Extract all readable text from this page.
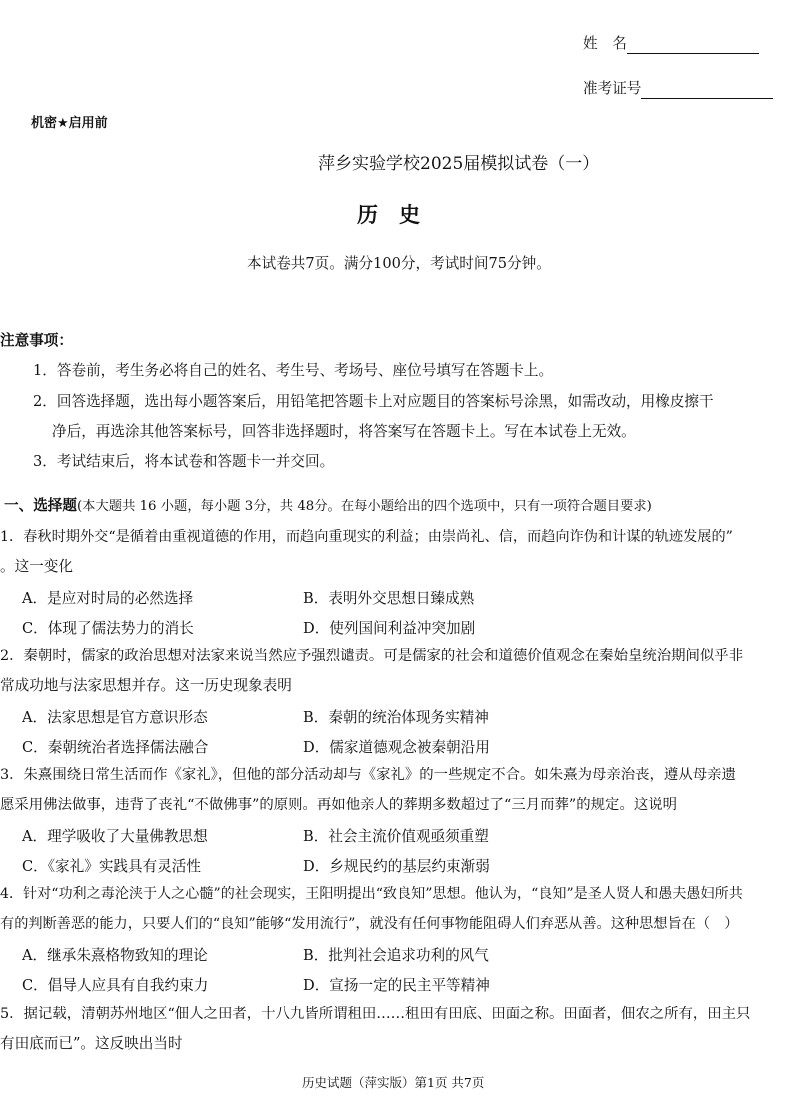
姓　名
准考证号
机密★启用前
萍乡实验学校2025届模拟试卷（一）
历　史
本试卷共7页。满分100分，考试时间75分钟。
注意事项：
1．答卷前，考生务必将自己的姓名、考生号、考场号、座位号填写在答题卡上。
2．回答选择题，选出每小题答案后，用铅笔把答题卡上对应题目的答案标号涂黑，如需改动，用橡皮擦干
净后，再选涂其他答案标号，回答非选择题时，将答案写在答题卡上。写在本试卷上无效。
3．考试结束后，将本试卷和答题卡一并交回。
一、选择题(本大题共 16 小题，每小题 3分，共 48分。在每小题给出的四个选项中，只有一项符合题目要求)
1．春秋时期外交“是循着由重视道德的作用，而趋向重现实的利益；由崇尚礼、信，而趋向诈伪和计谋的轨迹发展的”
。这一变化
A．是应对时局的必然选择	B．表明外交思想日臻成熟
C．体现了儒法势力的消长	D．使列国间利益冲突加剧
2．秦朝时，儒家的政治思想对法家来说当然应予强烈谴责。可是儒家的社会和道德价值观念在秦始皇统治期间似乎非
常成功地与法家思想并存。这一历史现象表明
A．法家思想是官方意识形态	B．秦朝的统治体现务实精神
C．秦朝统治者选择儒法融合	D．儒家道德观念被秦朝沿用
3．朱熹围绕日常生活而作《家礼》，但他的部分活动却与《家礼》的一些规定不合。如朱熹为母亲治丧，遵从母亲遗
愿采用佛法做事，违背了丧礼“不做佛事”的原则。再如他亲人的葬期多数超过了“三月而葬”的规定。这说明
A．理学吸收了大量佛教思想	B．社会主流价值观亟须重塑
C．《家礼》实践具有灵活性	D．乡规民约的基层约束渐弱
4．针对“功利之毒沦浃于人之心髓”的社会现实，王阳明提出“致良知”思想。他认为，“良知”是圣人贤人和愚夫愚妇所共
有的判断善恶的能力，只要人们的“良知”能够“发用流行”，就没有任何事物能阻碍人们弃恶从善。这种思想旨在（　）
A．继承朱熹格物致知的理论	B．批判社会追求功利的风气
C．倡导人应具有自我约束力	D．宣扬一定的民主平等精神
5．据记载，清朝苏州地区“佃人之田者，十八九皆所谓租田……租田有田底、田面之称。田面者，佃农之所有，田主只
有田底而已”。这反映出当时
历史试题（萍实版）第1页 共7页
